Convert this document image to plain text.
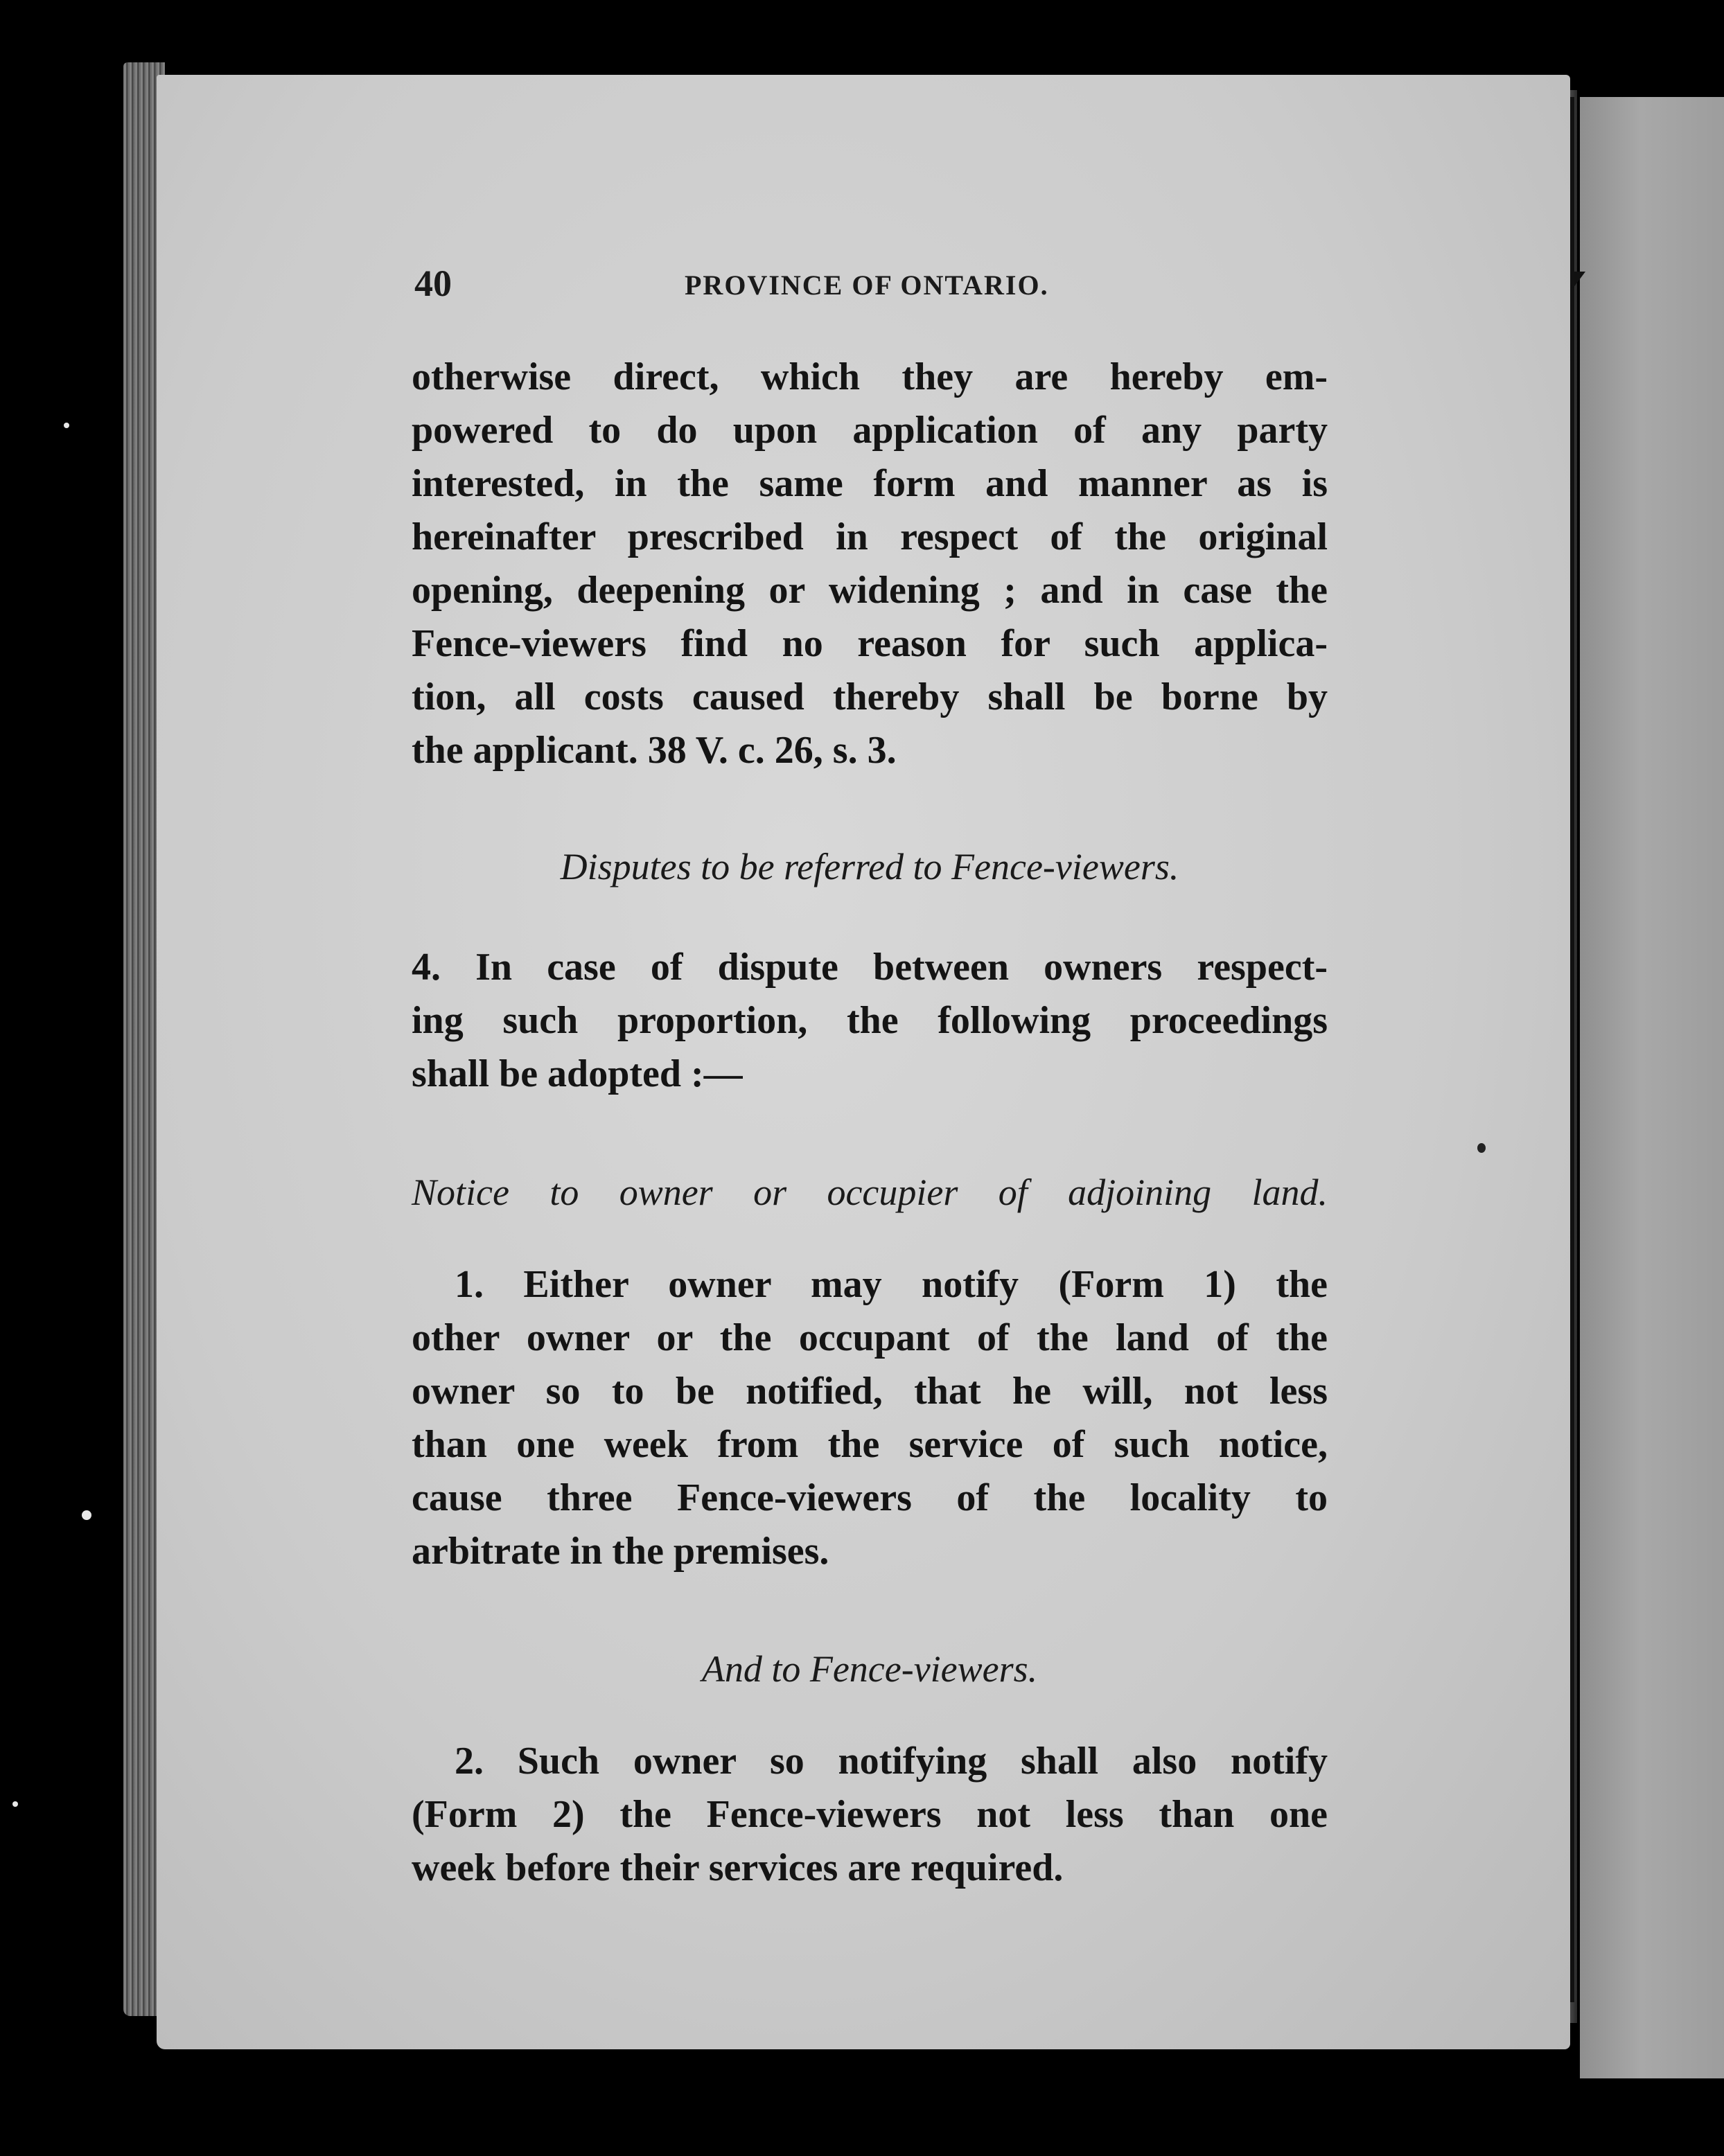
40	PROVINCE OF ONTARIO.
otherwise direct, which they are hereby em-
powered to do upon application of any party
interested, in the same form and manner as is
hereinafter prescribed in respect of the original
opening, deepening or widening ; and in case the
Fence-viewers find no reason for such applica-
tion, all costs caused thereby shall be borne by
the applicant. 38 V. c. 26, s. 3.
Disputes to be referred to Fence-viewers.
4. In case of dispute between owners respect-
ing such proportion, the following proceedings
shall be adopted :—
Notice to owner or occupier of adjoining land.
1. Either owner may notify (Form 1) the
other owner or the occupant of the land of the
owner so to be notified, that he will, not less
than one week from the service of such notice,
cause three Fence-viewers of the locality to
arbitrate in the premises.
And to Fence-viewers.
2. Such owner so notifying shall also notify
(Form 2) the Fence-viewers not less than one
week before their services are required.
